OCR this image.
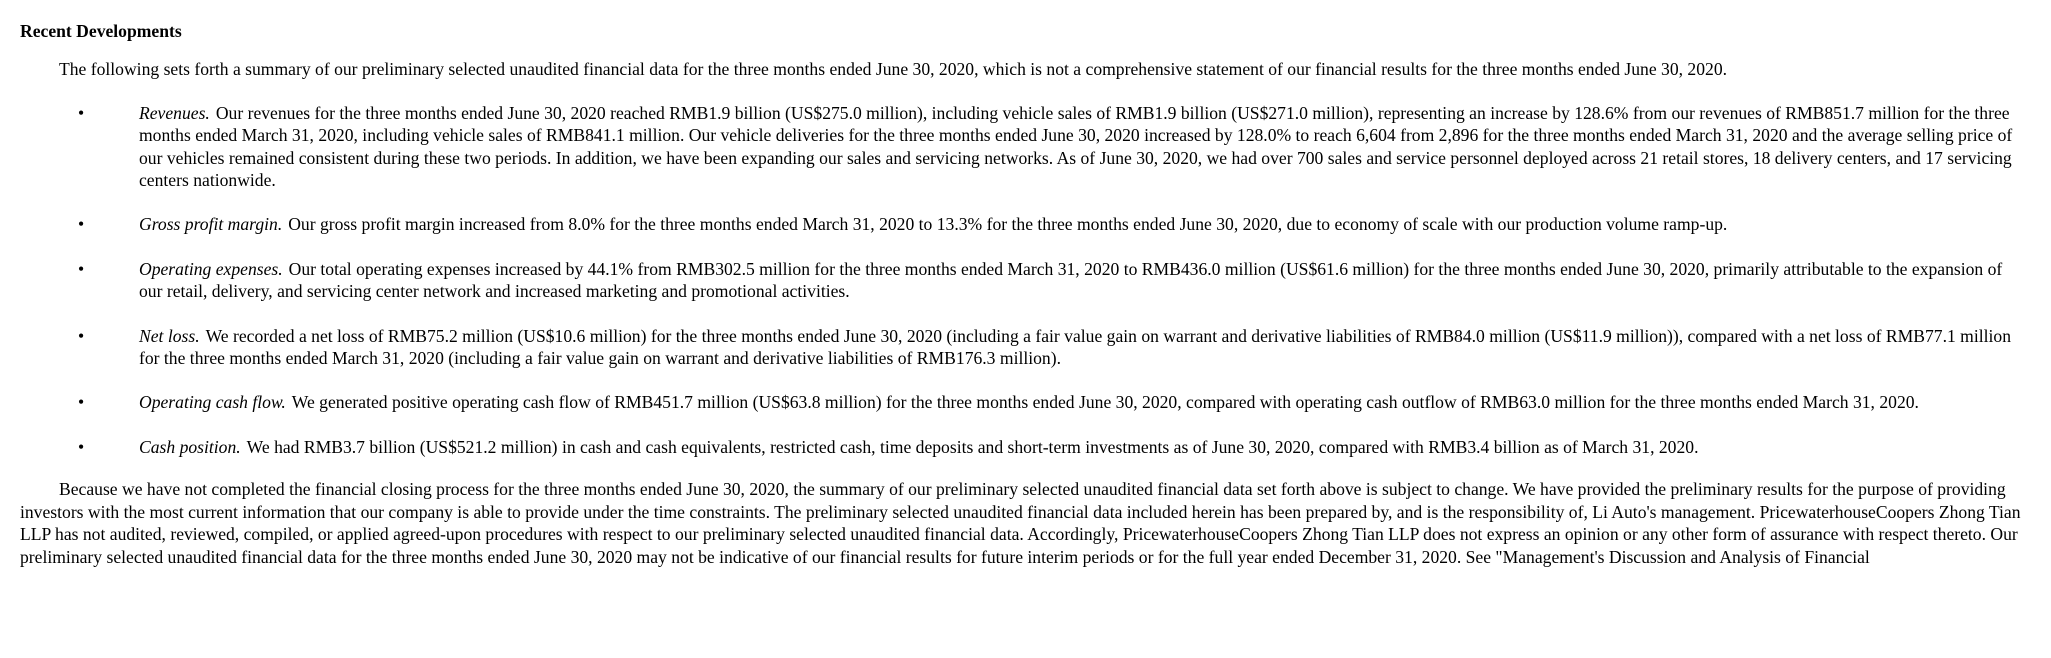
Recent Developments

The following sets forth a summary of our preliminary selected unaudited financial data for the three months ended June 30, 2020, which is not a comprehensive statement of our financial results for the three months ended June 30, 2020.

•	Revenues. Our revenues for the three months ended June 30, 2020 reached RMB1.9 billion (US$275.0 million), including vehicle sales of RMB1.9 billion (US$271.0 million), representing an increase by 128.6% from our revenues of RMB851.7 million for the three months ended March 31, 2020, including vehicle sales of RMB841.1 million. Our vehicle deliveries for the three months ended June 30, 2020 increased by 128.0% to reach 6,604 from 2,896 for the three months ended March 31, 2020 and the average selling price of our vehicles remained consistent during these two periods. In addition, we have been expanding our sales and servicing networks. As of June 30, 2020, we had over 700 sales and service personnel deployed across 21 retail stores, 18 delivery centers, and 17 servicing centers nationwide.
•	Gross profit margin. Our gross profit margin increased from 8.0% for the three months ended March 31, 2020 to 13.3% for the three months ended June 30, 2020, due to economy of scale with our production volume ramp-up.
•	Operating expenses. Our total operating expenses increased by 44.1% from RMB302.5 million for the three months ended March 31, 2020 to RMB436.0 million (US$61.6 million) for the three months ended June 30, 2020, primarily attributable to the expansion of our retail, delivery, and servicing center network and increased marketing and promotional activities.
•	Net loss. We recorded a net loss of RMB75.2 million (US$10.6 million) for the three months ended June 30, 2020 (including a fair value gain on warrant and derivative liabilities of RMB84.0 million (US$11.9 million)), compared with a net loss of RMB77.1 million for the three months ended March 31, 2020 (including a fair value gain on warrant and derivative liabilities of RMB176.3 million).
•	Operating cash flow. We generated positive operating cash flow of RMB451.7 million (US$63.8 million) for the three months ended June 30, 2020, compared with operating cash outflow of RMB63.0 million for the three months ended March 31, 2020.
•	Cash position. We had RMB3.7 billion (US$521.2 million) in cash and cash equivalents, restricted cash, time deposits and short-term investments as of June 30, 2020, compared with RMB3.4 billion as of March 31, 2020.

Because we have not completed the financial closing process for the three months ended June 30, 2020, the summary of our preliminary selected unaudited financial data set forth above is subject to change. We have provided the preliminary results for the purpose of providing investors with the most current information that our company is able to provide under the time constraints. The preliminary selected unaudited financial data included herein has been prepared by, and is the responsibility of, Li Auto's management. PricewaterhouseCoopers Zhong Tian LLP has not audited, reviewed, compiled, or applied agreed-upon procedures with respect to our preliminary selected unaudited financial data. Accordingly, PricewaterhouseCoopers Zhong Tian LLP does not express an opinion or any other form of assurance with respect thereto. Our preliminary selected unaudited financial data for the three months ended June 30, 2020 may not be indicative of our financial results for future interim periods or for the full year ended December 31, 2020. See "Management's Discussion and Analysis of Financial
